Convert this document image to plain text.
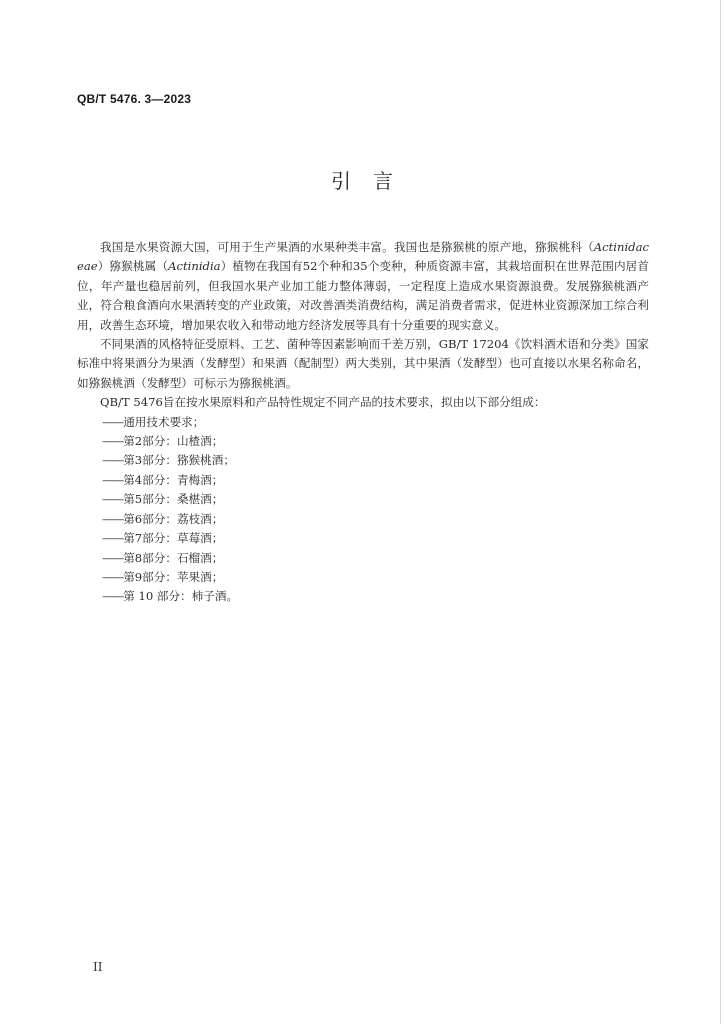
QB/T 5476. 3—2023
引言

我国是水果资源大国，可用于生产果酒的水果种类丰富。我国也是猕猴桃的原产地，猕猴桃科（Actinidaceae）猕猴桃属（Actinidia）植物在我国有52个种和35个变种，种质资源丰富，其栽培面积在世界范围内居首位，年产量也稳居前列，但我国水果产业加工能力整体薄弱，一定程度上造成水果资源浪费。发展猕猴桃酒产业，符合粮食酒向水果酒转变的产业政策，对改善酒类消费结构，满足消费者需求，促进林业资源深加工综合利用，改善生态环境，增加果农收入和带动地方经济发展等具有十分重要的现实意义。

不同果酒的风格特征受原料、工艺、菌种等因素影响而千差万别，GB/T 17204《饮料酒术语和分类》国家标准中将果酒分为果酒（发酵型）和果酒（配制型）两大类别，其中果酒（发酵型）也可直接以水果名称命名，如猕猴桃酒（发酵型）可标示为猕猴桃酒。

QB/T 5476旨在按水果原料和产品特性规定不同产品的技术要求，拟由以下部分组成：

——通用技术要求；
——第2部分：山楂酒；
——第3部分：猕猴桃酒；
——第4部分：青梅酒；
——第5部分：桑椹酒；
——第6部分：荔枝酒；
——第7部分：草莓酒；
——第8部分：石榴酒；
——第9部分：苹果酒；
——第 10 部分：柿子酒。
II
